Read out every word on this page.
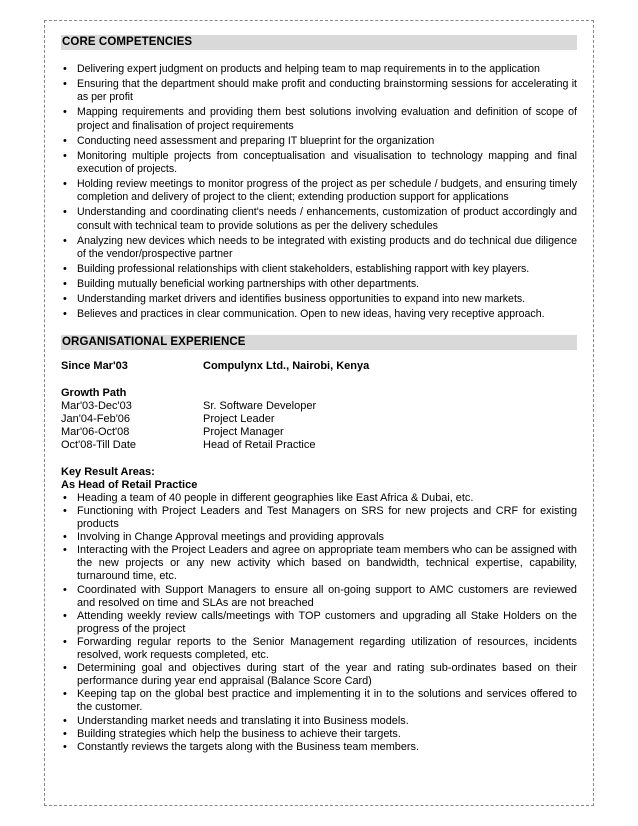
CORE COMPETENCIES
• Delivering expert judgment on products and helping team to map requirements in to the application
• Ensuring that the department should make profit and conducting brainstorming sessions for accelerating it as per profit
• Mapping requirements and providing them best solutions involving evaluation and definition of scope of project and finalisation of project requirements
• Conducting need assessment and preparing IT blueprint for the organization
• Monitoring multiple projects from conceptualisation and visualisation to technology mapping and final execution of projects.
• Holding review meetings to monitor progress of the project as per schedule / budgets, and ensuring timely completion and delivery of project to the client; extending production support for applications
• Understanding and coordinating client's needs / enhancements, customization of product accordingly and consult with technical team to provide solutions as per the delivery schedules
• Analyzing new devices which needs to be integrated with existing products and do technical due diligence of the vendor/prospective partner
• Building professional relationships with client stakeholders, establishing rapport with key players.
• Building mutually beneficial working partnerships with other departments.
• Understanding market drivers and identifies business opportunities to expand into new markets.
• Believes and practices in clear communication. Open to new ideas, having very receptive approach.
ORGANISATIONAL EXPERIENCE
Since Mar'03	Compulynx Ltd., Nairobi, Kenya
Growth Path
Mar'03-Dec'03	Sr. Software Developer
Jan'04-Feb'06	Project Leader
Mar'06-Oct'08	Project Manager
Oct'08-Till Date	Head of Retail Practice
Key Result Areas:
As Head of Retail Practice
• Heading a team of 40 people in different geographies like East Africa & Dubai, etc.
• Functioning with Project Leaders and Test Managers on SRS for new projects and CRF for existing products
• Involving in Change Approval meetings and providing approvals
• Interacting with the Project Leaders and agree on appropriate team members who can be assigned with the new projects or any new activity which based on bandwidth, technical expertise, capability, turnaround time, etc.
• Coordinated with Support Managers to ensure all on-going support to AMC customers are reviewed and resolved on time and SLAs are not breached
• Attending weekly review calls/meetings with TOP customers and upgrading all Stake Holders on the progress of the project
• Forwarding regular reports to the Senior Management regarding utilization of resources, incidents resolved, work requests completed, etc.
• Determining goal and objectives during start of the year and rating sub-ordinates based on their performance during year end appraisal (Balance Score Card)
• Keeping tap on the global best practice and implementing it in to the solutions and services offered to the customer.
• Understanding market needs and translating it into Business models.
• Building strategies which help the business to achieve their targets.
• Constantly reviews the targets along with the Business team members.
